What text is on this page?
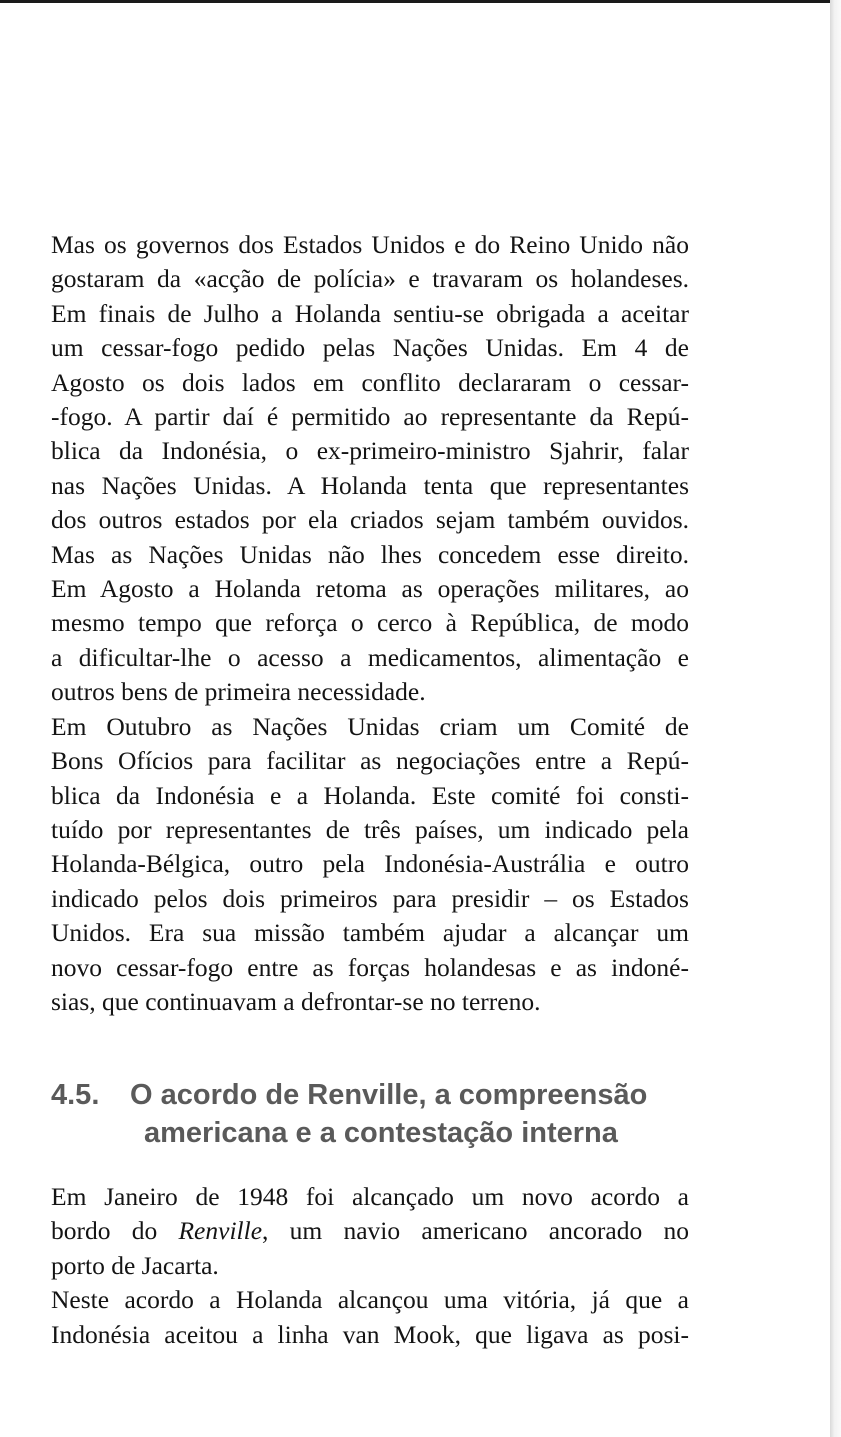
Mas os governos dos Estados Unidos e do Reino Unido não
gostaram da «acção de polícia» e travaram os holandeses.
Em finais de Julho a Holanda sentiu-se obrigada a aceitar
um cessar-fogo pedido pelas Nações Unidas. Em 4 de
Agosto os dois lados em conflito declararam o cessar-
-fogo. A partir daí é permitido ao representante da Repú-
blica da Indonésia, o ex-primeiro-ministro Sjahrir, falar
nas Nações Unidas. A Holanda tenta que representantes
dos outros estados por ela criados sejam também ouvidos.
Mas as Nações Unidas não lhes concedem esse direito.
Em Agosto a Holanda retoma as operações militares, ao
mesmo tempo que reforça o cerco à República, de modo
a dificultar-lhe o acesso a medicamentos, alimentação e
outros bens de primeira necessidade.

Em Outubro as Nações Unidas criam um Comité de
Bons Ofícios para facilitar as negociações entre a Repú-
blica da Indonésia e a Holanda. Este comité foi consti-
tuído por representantes de três países, um indicado pela
Holanda-Bélgica, outro pela Indonésia-Austrália e outro
indicado pelos dois primeiros para presidir – os Estados
Unidos. Era sua missão também ajudar a alcançar um
novo cessar-fogo entre as forças holandesas e as indoné-
sias, que continuavam a defrontar-se no terreno.

4.5.	O acordo de Renville, a compreensão
americana e a contestação interna

Em Janeiro de 1948 foi alcançado um novo acordo a
bordo do Renville, um navio americano ancorado no
porto de Jacarta.

Neste acordo a Holanda alcançou uma vitória, já que a
Indonésia aceitou a linha van Mook, que ligava as posi-
